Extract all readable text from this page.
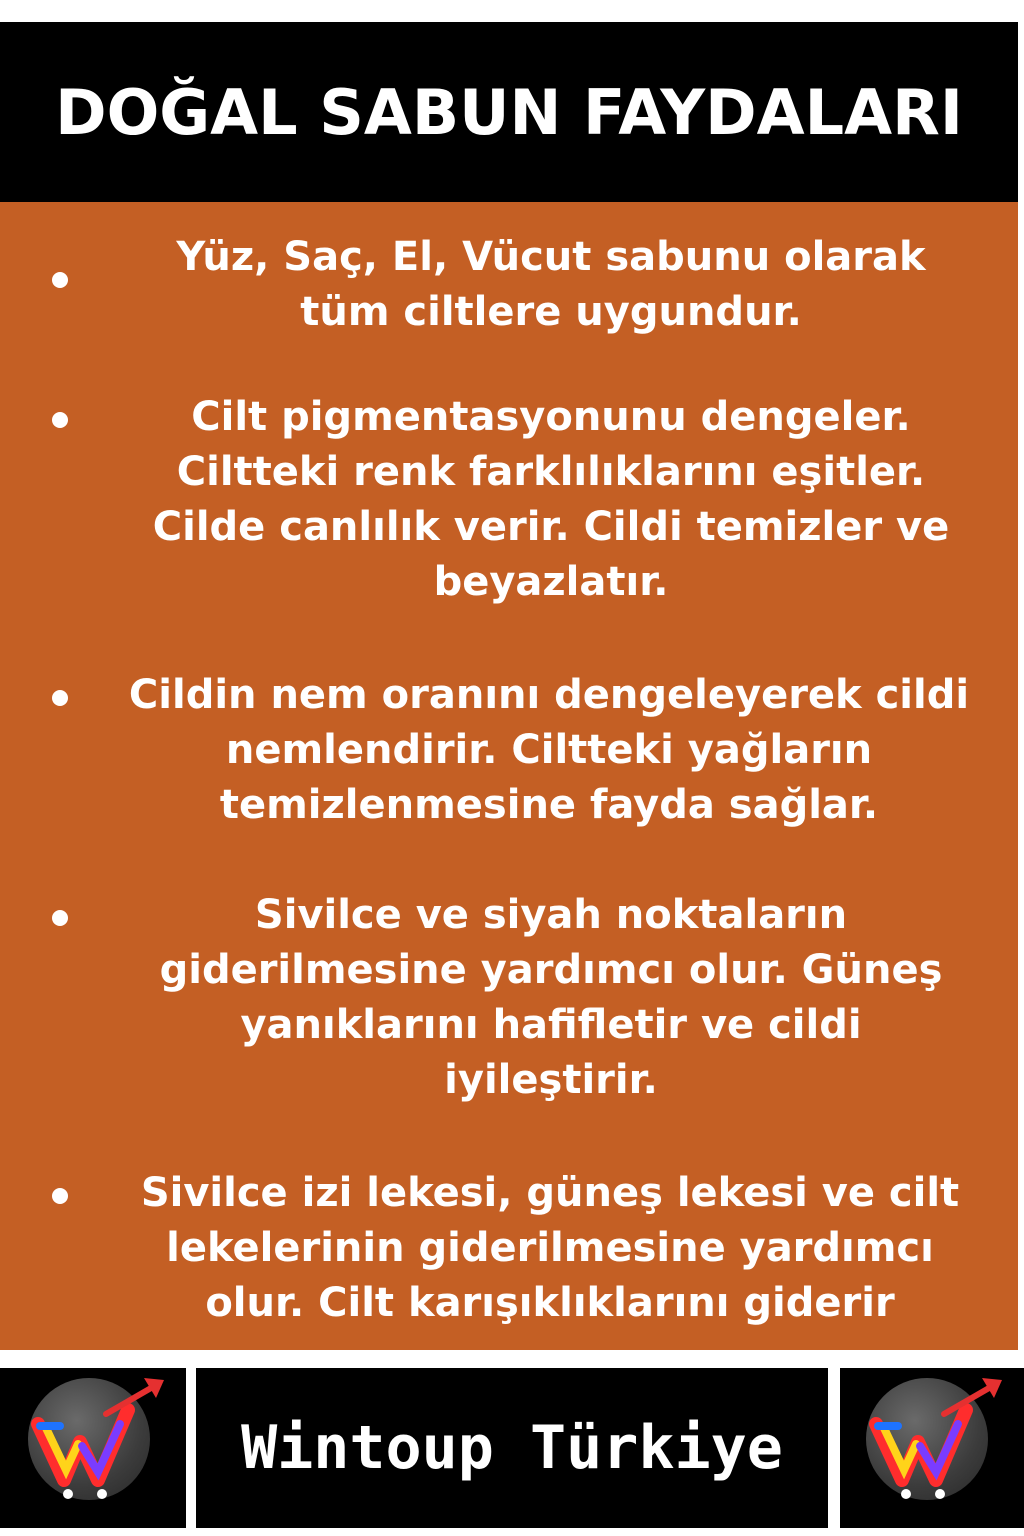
DOĞAL SABUN FAYDALARI
Yüz, Saç, El, Vücut sabunu olarak
tüm ciltlere uygundur.
Cilt pigmentasyonunu dengeler.
Ciltteki renk farklılıklarını eşitler.
Cilde canlılık verir. Cildi temizler ve
beyazlatır.
Cildin nem oranını dengeleyerek cildi
nemlendirir. Ciltteki yağların
temizlenmesine fayda sağlar.
Sivilce ve siyah noktaların
giderilmesine yardımcı olur. Güneş
yanıklarını hafifletir ve cildi
iyileştirir.
Sivilce izi lekesi, güneş lekesi ve cilt
lekelerinin giderilmesine yardımcı
olur. Cilt karışıklıklarını giderir
Wintoup Türkiye
